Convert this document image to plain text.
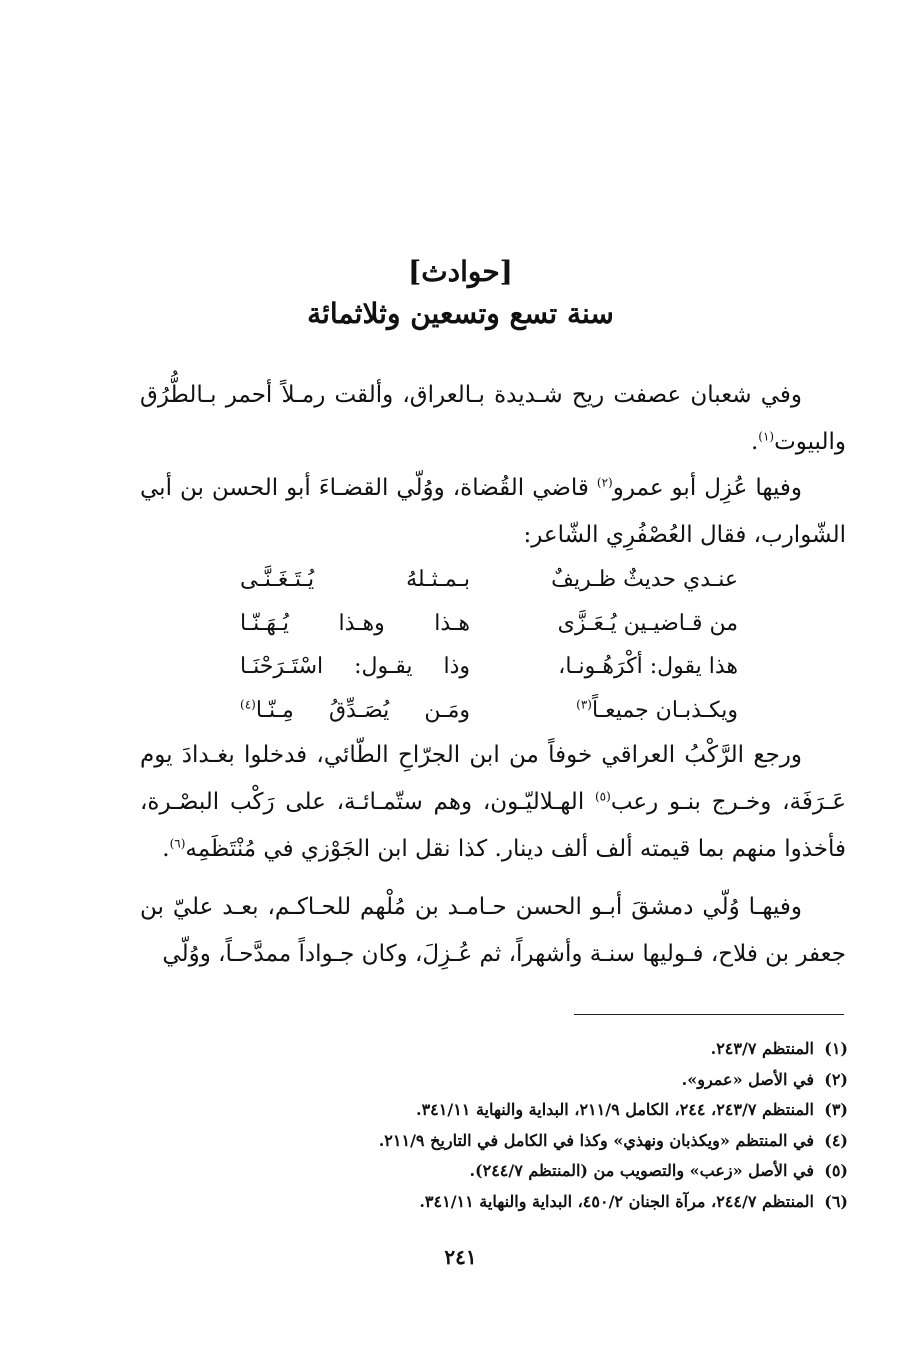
[حوادث]
سنة تسع وتسعين وثلاثمائة

وفي شعبان عصفت ريح شـديدة بـالعراق، وألقت رمـلاً أحمر بـالطُّرُق والبيوت$^{(١)}$.

وفيها عُزِل أبو عمرو$^{(٢)}$ قاضي القُضاة، ووُلّي القضـاءَ أبو الحسن بن أبي الشّوارب، فقال العُصْفُرِي الشّاعر:

عنـدي حديثٌ ظـريفٌ
بـمـثـلهُ يُـتَـغَـنَّـى
من قـاضيـين يُـعَـزَّى
هـذا وهـذا يُـهَـنّـا
هذا يقول: أكْرَهُـونـا،
وذا يقـول: اسْتَـرَحْنَـا
ويكـذبـان جميعـاً$^{(٣)}$
ومَـن يُصَـدِّقُ مِـنّـا$^{(٤)}$

ورجع الرَّكْبُ العراقي خوفاً من ابن الجرّاحِ الطّائي، فدخلوا بغـدادَ يوم عَـرَفَة، وخـرج بنـو رعب$^{(٥)}$ الهـلاليّـون، وهم ستّمـائـة، على رَكْب البصْـرة، فأخذوا منهم بما قيمته ألف ألف دينار. كذا نقل ابن الجَوْزي في مُنْتَظَمِه$^{(٦)}$.

وفيهـا وُلّي دمشقَ أبـو الحسن حـامـد بن مُلْهم للحـاكـم، بعـد عليّ بن جعفر بن فلاح، فـوليها سنـة وأشهراً، ثم عُـزِلَ، وكان جـواداً ممدَّحـاً، ووُلّي

(١)
المنتظم ٢٤٣/٧.
(٢)
في الأصل «عمرو».
(٣)
المنتظم ٢٤٣/٧، ٢٤٤، الكامل ٢١١/٩، البداية والنهاية ٣٤١/١١.
(٤)
في المنتظم «ويكذبان ونهذي» وكذا في الكامل في التاريخ ٢١١/٩.
(٥)
في الأصل «زعب» والتصويب من (المنتظم ٢٤٤/٧).
(٦)
المنتظم ٢٤٤/٧، مرآة الجنان ٤٥٠/٢، البداية والنهاية ٣٤١/١١.
٢٤١
